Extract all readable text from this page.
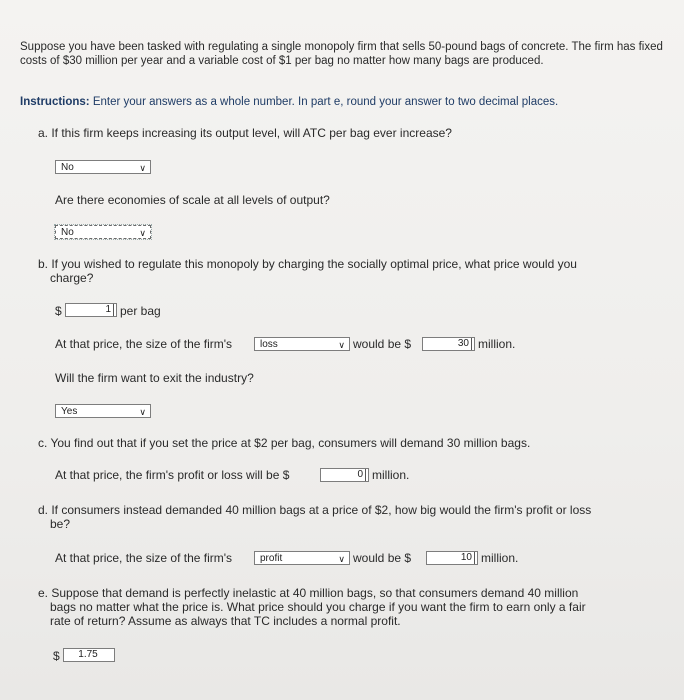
Suppose you have been tasked with regulating a single monopoly firm that sells 50-pound bags of concrete. The firm has fixed costs of $30 million per year and a variable cost of $1 per bag no matter how many bags are produced.
Instructions: Enter your answers as a whole number. In part e, round your answer to two decimal places.
a. If this firm keeps increasing its output level, will ATC per bag ever increase?
No	∨
Are there economies of scale at all levels of output?
No	∨
b. If you wished to regulate this monopoly by charging the socially optimal price, what price would you
charge?
$	1 per bag
At that price, the size of the firm's	loss	∨ would be $	30 million.
Will the firm want to exit the industry?
Yes	∨
c. You find out that if you set the price at $2 per bag, consumers will demand 30 million bags.
At that price, the firm's profit or loss will be $	0 million.
d. If consumers instead demanded 40 million bags at a price of $2, how big would the firm's profit or loss
be?
At that price, the size of the firm's	profit	∨ would be $	10 million.
e. Suppose that demand is perfectly inelastic at 40 million bags, so that consumers demand 40 million
bags no matter what the price is. What price should you charge if you want the firm to earn only a fair
rate of return? Assume as always that TC includes a normal profit.
$	1.75
